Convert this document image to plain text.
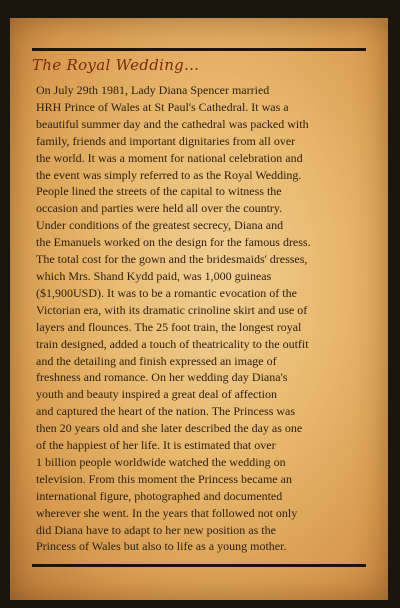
The Royal Wedding...
On July 29th 1981, Lady Diana Spencer married
HRH Prince of Wales at St Paul's Cathedral. It was a
beautiful summer day and the cathedral was packed with
family, friends and important dignitaries from all over
the world. It was a moment for national celebration and
the event was simply referred to as the Royal Wedding.
People lined the streets of the capital to witness the
occasion and parties were held all over the country.
Under conditions of the greatest secrecy, Diana and
the Emanuels worked on the design for the famous dress.
The total cost for the gown and the bridesmaids' dresses,
which Mrs. Shand Kydd paid, was 1,000 guineas
($1,900USD). It was to be a romantic evocation of the
Victorian era, with its dramatic crinoline skirt and use of
layers and flounces. The 25 foot train, the longest royal
train designed, added a touch of theatricality to the outfit
and the detailing and finish expressed an image of
freshness and romance. On her wedding day Diana's
youth and beauty inspired a great deal of affection
and captured the heart of the nation. The Princess was
then 20 years old and she later described the day as one
of the happiest of her life. It is estimated that over
1 billion people worldwide watched the wedding on
television. From this moment the Princess became an
international figure, photographed and documented
wherever she went. In the years that followed not only
did Diana have to adapt to her new position as the
Princess of Wales but also to life as a young mother.
